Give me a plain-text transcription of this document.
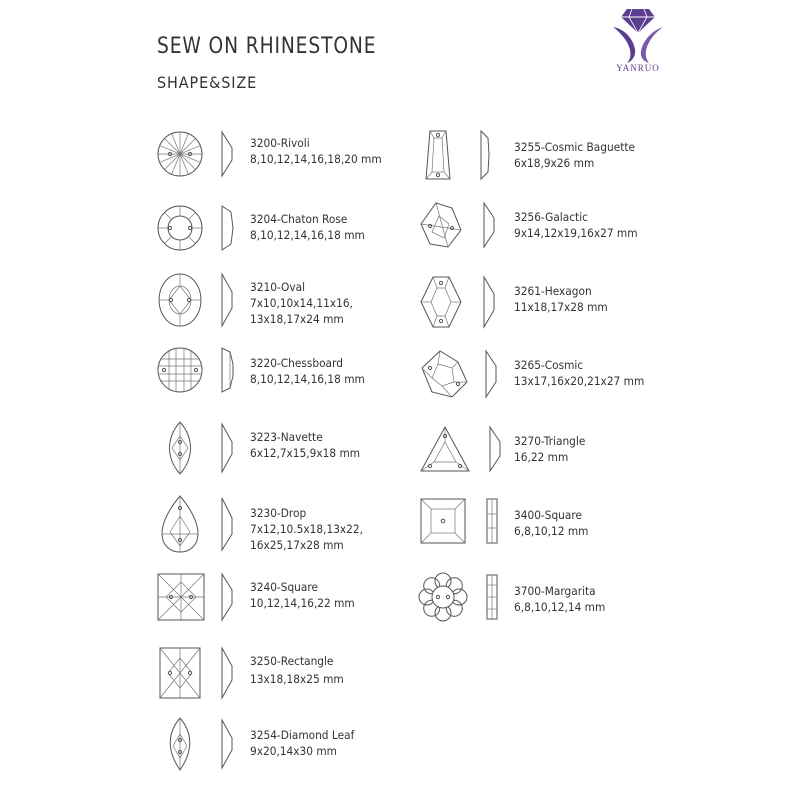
SEW ON RHINESTONE
SHAPE&SIZE
YANRUO
3200-Rivoli
8,10,12,14,16,18,20 mm
3204-Chaton Rose
8,10,12,14,16,18 mm
3210-Oval
7x10,10x14,11x16,
13x18,17x24 mm
3220-Chessboard
8,10,12,14,16,18 mm
3223-Navette
6x12,7x15,9x18 mm
3230-Drop
7x12,10.5x18,13x22,
16x25,17x28 mm
3240-Square
10,12,14,16,22 mm
3250-Rectangle
13x18,18x25 mm
3254-Diamond Leaf
9x20,14x30 mm
3255-Cosmic Baguette
6x18,9x26 mm
3256-Galactic
9x14,12x19,16x27 mm
3261-Hexagon
11x18,17x28 mm
3265-Cosmic
13x17,16x20,21x27 mm
3270-Triangle
16,22 mm
3400-Square
6,8,10,12 mm
3700-Margarita
6,8,10,12,14 mm
